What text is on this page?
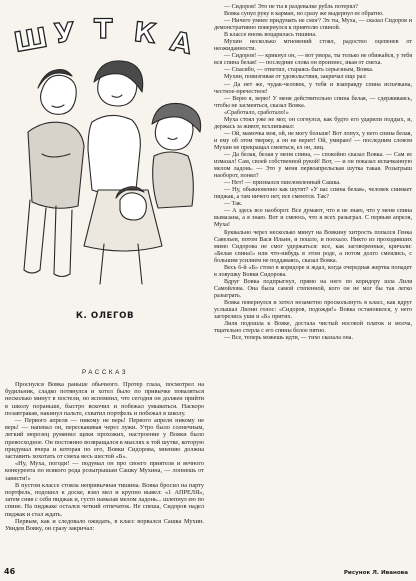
Ш У Т К А
К. ОЛЕГОВ
РАССКАЗ

Проснулся Вовка раньше обычного. Протер глаза, посмотрел на будильник, сладко потянулся и хотел было по привычке поваляться несколько минут в постели, но вспомнил, что сегодня он должен прийти в школу пораньше, быстро вскочил и побежал умываться. Наскоро позавтракав, накинул пальто, схватил портфель и побежал в школу.

— Первого апреля — никому не верь! Первого апреля никому не верь! — напевал он, перескакивая через лужи. Утро было солнечным, легкий морозец румянил щеки прохожих, настроение у Вовки было превосходное. Он постоянно возвращался в мыслях к той шутке, которую придумал вчера и которая по его, Вовки Сидорова, мнению должна заставить хохотать от смеха весь шестой «Б».

«Ну, Муха, погоди! — подумал он про своего приятеля и вечного конкурента по всякого рода розыгрышам Сашку Мухина, — лопнешь от зависти!»

В пустом классе стояла непривычная тишина. Вовка бросил на парту портфель, подошел к доске, взял мел и крупно вывел: «1 АПРЕЛЯ», затем сняв с себя пиджак и, густо намазав мелом ладонь... шлепнул ею по спине. На пиджаке остался четкий отпечаток. Не спеша, Сидоров надел пиджак и стал ждать.

Первым, как и следовало ожидать, в класс ворвался Сашка Мухин. Увидев Вовку, он сразу закричал:

— Сидоров! Это не ты в раздевалке рубль потерял?

Вовка сунул руку в карман, но сразу же выдернул ее обратно.

— Ничего умнее придумать не смог? Эх ты, Муха, — сказал Сидоров и демонстративно повернулся к приятелю спиной.

В классе вновь воцарилась тишина.

Мухин несколько мгновений стоял, радостно оцепенев от неожиданности.

— Сидоров! — крикнул он, — вот умора, ты только не обижайся, у тебя вся спина белая! — последние слова он произнес, икая от смеха.

— Спасибо, — ответил, стараясь быть серьезным, Вовка.

Мухин, повизгивая от удовольствия, закричал еще раз:

— Да нет же, чудак-человек, у тебя и взаправду спина испачкана, честное-пречестное!

— Верю я, верю! У меня действительно спина белая, — сдерживаясь, чтобы не засмеяться, сказал Вовка.

«Сработало, сработало!»

Муха стоял уже не мог, он согнулся, как будто его ударили поддых, и, держась за живот, всхлипывал:

— Ой, мамочка моя, ой, не могу больше! Вот лопух, у него спина белая, и ему об этом твержу, а он не верит! Ой, умираю! — последним словом Мухин не прекращал смеяться, ел он, лиц.

— Да белая, белая у меня спина, — спокойно сказал Вовка. — Сам ее измазал! Сам, своей собственной рукой! Вот, — и он показал испачканную мелом ладонь. — Это у меня первоапрельская шутка такая. Розыгрыш наоборот, понял?

— Нет! — признался ошеломленный Сашка.

— Ну, обыкновенно как шутят? «У вас спина белая», человек снимает пиджак, а там ничего нет, все смеются. Так?

— Так.

— А здесь все наоборот. Все думают, что я не знаю, что у меня спина вымазана, а я знаю. Вот и смеюсь, что я всех разыграл. С первым апреля, Муха!

Буквально через несколько минут на Вовкину хитрость попался Генка Савельев, потом Вася Ильин, и пошло, и поехало. Никто из проходивших мимо Сидорова не смог удержаться: все, как заговоренные, кричали: «Белая спина!» или что-нибудь в этом роде, а потом долго смеялись, с большим усилием не поддаваясь, сказал Вовка.

Весь 6-й «Б» стоял в коридоре и ждал, когда очередная жертва попадет в ловушку Вовки Сидорова.

Вдруг Вовка подпрыгнул, прямо на него по коридору шла Лиля Самойлова. Она была самой степенной, кого он не мог бы так легко разыграть.

Вовка повернулся и хотел незаметно проскользнуть в класс, как вдруг услышал Лилин голос: «Сидоров, подожди!» Вовка остановился, у него загорелись уши и «Б» притих.

Лиля подошла к Вовке, достала чистый носовой платок и молча, тщательно стерла с его спины белое пятно.

— Все, теперь можешь идти, — тихо сказала она.

46	Рисунок Л. Иванова
